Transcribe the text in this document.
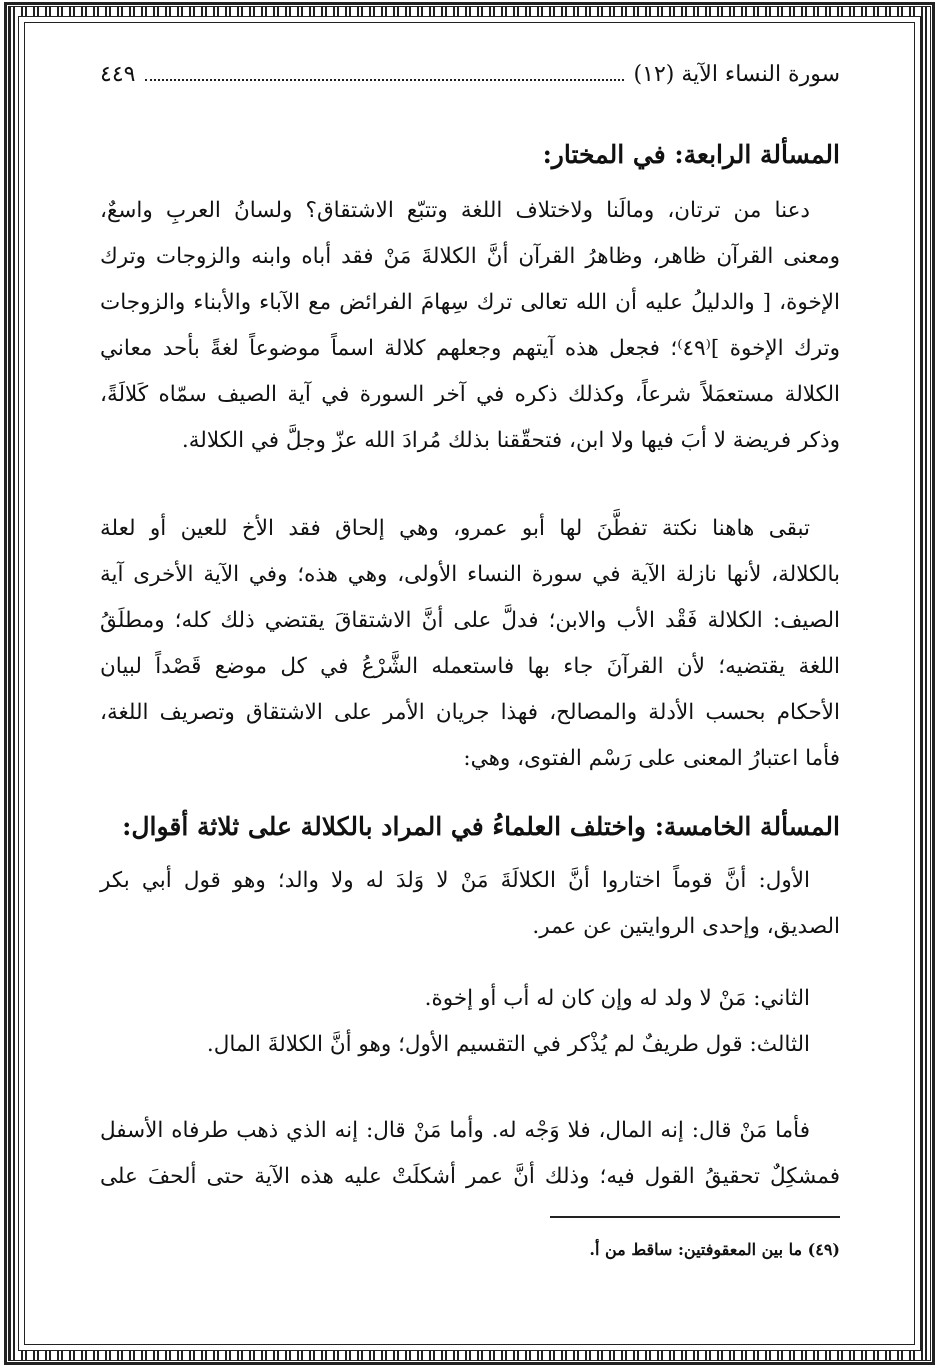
سورة النساء الآية (١٢)
٤٤٩
المسألة الرابعة: في المختار:
دعنا من ترتان، ومالَنا ولاختلاف اللغة وتتبّع الاشتقاق؟ ولسانُ العربِ واسعٌ،
ومعنى القرآن ظاهر، وظاهرُ القرآن أنَّ الكلالةَ مَنْ فقد أباه وابنه والزوجات وترك
الإخوة، [ والدليلُ عليه أن الله تعالى ترك سِهامَ الفرائض مع الآباء والأبناء والزوجات
وترك الإخوة ]⁽٤٩⁾؛ فجعل هذه آيتهم وجعلهم كلالة اسماً موضوعاً لغةً بأحد معاني
الكلالة مستعمَلاً شرعاً، وكذلك ذكره في آخر السورة في آية الصيف سمّاه كَلالَةً،
وذكر فريضة لا أبَ فيها ولا ابن، فتحقّقنا بذلك مُرادَ الله عزّ وجلَّ في الكلالة.
تبقى هاهنا نكتة تفطَّنَ لها أبو عمرو، وهي إلحاق فقد الأخ للعين أو لعلة
بالكلالة، لأنها نازلة الآية في سورة النساء الأولى، وهي هذه؛ وفي الآية الأخرى آية
الصيف: الكلالة فَقْد الأب والابن؛ فدلَّ على أنَّ الاشتقاقَ يقتضي ذلك كله؛ ومطلَقُ
اللغة يقتضيه؛ لأن القرآنَ جاء بها فاستعمله الشَّرْعُ في كل موضع قَصْداً لبيان
الأحكام بحسب الأدلة والمصالح، فهذا جريان الأمر على الاشتقاق وتصريف اللغة،
فأما اعتبارُ المعنى على رَسْم الفتوى، وهي:
المسألة الخامسة: واختلف العلماءُ في المراد بالكلالة على ثلاثة أقوال:
الأول: أنَّ قوماً اختاروا أنَّ الكلالَةَ مَنْ لا وَلدَ له ولا والد؛ وهو قول أبي بكر
الصديق، وإحدى الروايتين عن عمر.
الثاني: مَنْ لا ولد له وإن كان له أب أو إخوة.
الثالث: قول طريفٌ لم يُذْكر في التقسيم الأول؛ وهو أنَّ الكلالةَ المال.
فأما مَنْ قال: إنه المال، فلا وَجْه له. وأما مَنْ قال: إنه الذي ذهب طرفاه الأسفل
فمشكِلٌ تحقيقُ القول فيه؛ وذلك أنَّ عمر أشكلَتْ عليه هذه الآية حتى ألحفَ على
(٤٩) ما بين المعقوفتين: ساقط من أ.
